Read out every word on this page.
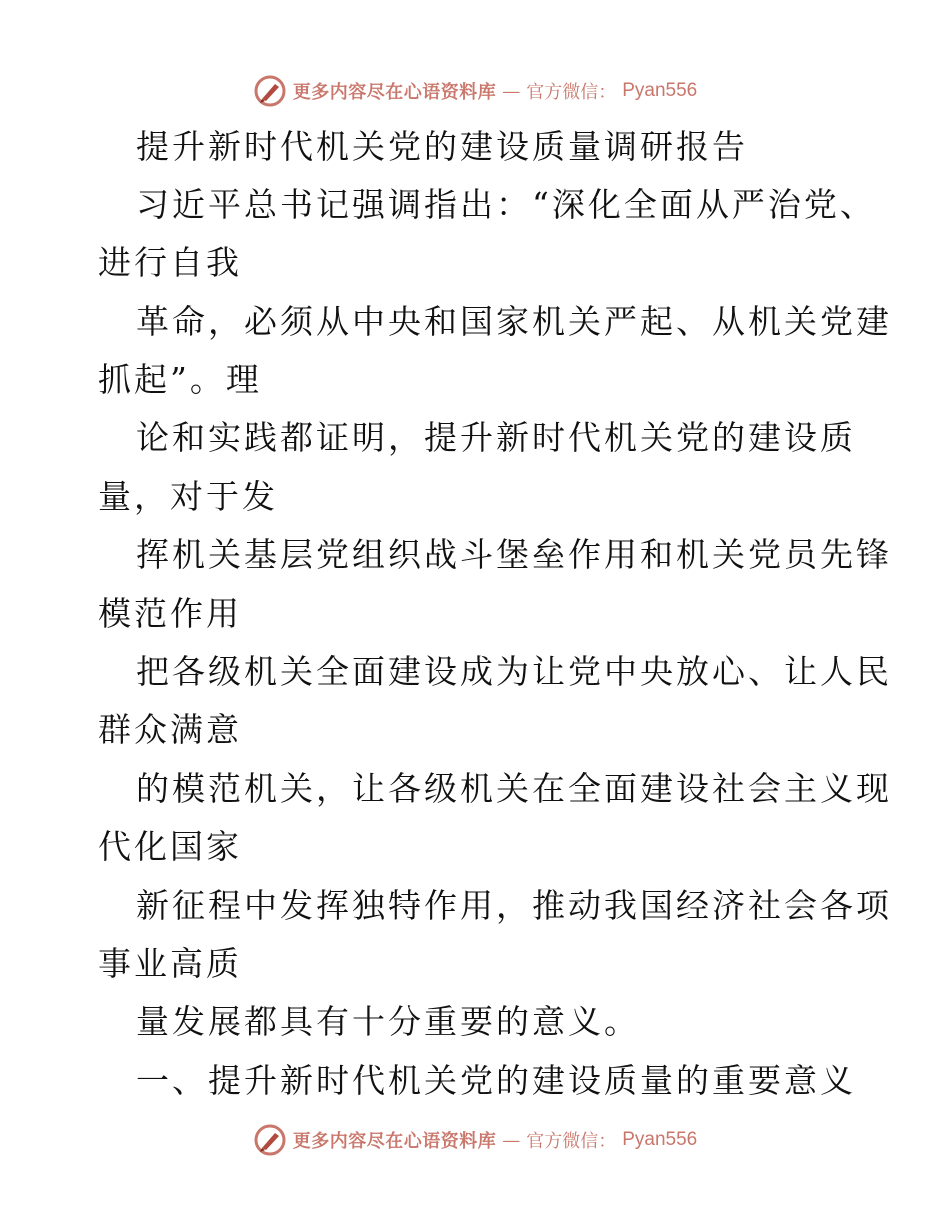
更多内容尽在心语资料库 — 官方微信： Pyan556
提升新时代机关党的建设质量调研报告
习近平总书记强调指出：“深化全面从严治党、
进行自我
革命，必须从中央和国家机关严起、从机关党建
抓起”。理
论和实践都证明，提升新时代机关党的建设质
量，对于发
挥机关基层党组织战斗堡垒作用和机关党员先锋
模范作用
把各级机关全面建设成为让党中央放心、让人民
群众满意
的模范机关，让各级机关在全面建设社会主义现
代化国家
新征程中发挥独特作用，推动我国经济社会各项
事业高质
量发展都具有十分重要的意义。
一、提升新时代机关党的建设质量的重要意义
更多内容尽在心语资料库 — 官方微信： Pyan556
